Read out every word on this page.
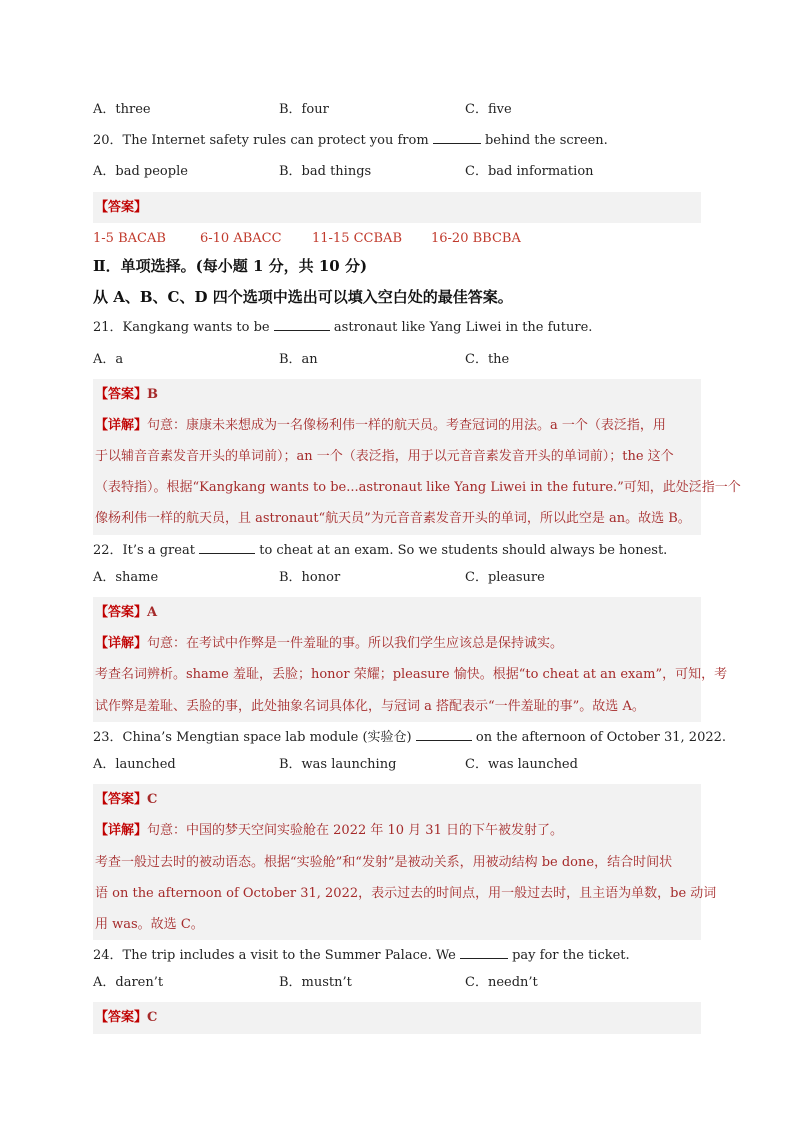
A．three	B．four	C．five
20．The Internet safety rules can protect you from	behind the screen.
A．bad people	B．bad things	C．bad information
【答案】
1-5 BACAB	6-10 ABACC	11-15 CCBAB	16-20 BBCBA
Ⅱ．单项选择。(每小题 1 分，共 10 分)
从 A、B、C、D 四个选项中选出可以填入空白处的最佳答案。
21．Kangkang wants to be	astronaut like Yang Liwei in the future.
A．a	B．an	C．the
【答案】B
【详解】句意：康康未来想成为一名像杨利伟一样的航天员。考查冠词的用法。a 一个（表泛指，用
于以辅音音素发音开头的单词前）；an 一个（表泛指，用于以元音音素发音开头的单词前）；the 这个
（表特指）。根据“Kangkang wants to be...astronaut like Yang Liwei in the future.”可知，此处泛指一个
像杨利伟一样的航天员，且 astronaut“航天员”为元音音素发音开头的单词，所以此空是 an。故选 B。
22．It’s a great	to cheat at an exam. So we students should always be honest.
A．shame	B．honor	C．pleasure
【答案】A
【详解】句意：在考试中作弊是一件羞耻的事。所以我们学生应该总是保持诚实。
考查名词辨析。shame 羞耻，丢脸；honor 荣耀；pleasure 愉快。根据“to cheat at an exam”，可知，考
试作弊是羞耻、丢脸的事，此处抽象名词具体化，与冠词 a 搭配表示“一件羞耻的事”。故选 A。
23．China’s Mengtian space lab module (实验仓)	on the afternoon of October 31, 2022.
A．launched	B．was launching	C．was launched
【答案】C
【详解】句意：中国的梦天空间实验舱在 2022 年 10 月 31 日的下午被发射了。
考查一般过去时的被动语态。根据“实验舱”和“发射”是被动关系，用被动结构 be done，结合时间状
语 on the afternoon of October 31, 2022，表示过去的时间点，用一般过去时，且主语为单数，be 动词
用 was。故选 C。
24．The trip includes a visit to the Summer Palace. We	pay for the ticket.
A．daren’t	B．mustn’t	C．needn’t
【答案】C
